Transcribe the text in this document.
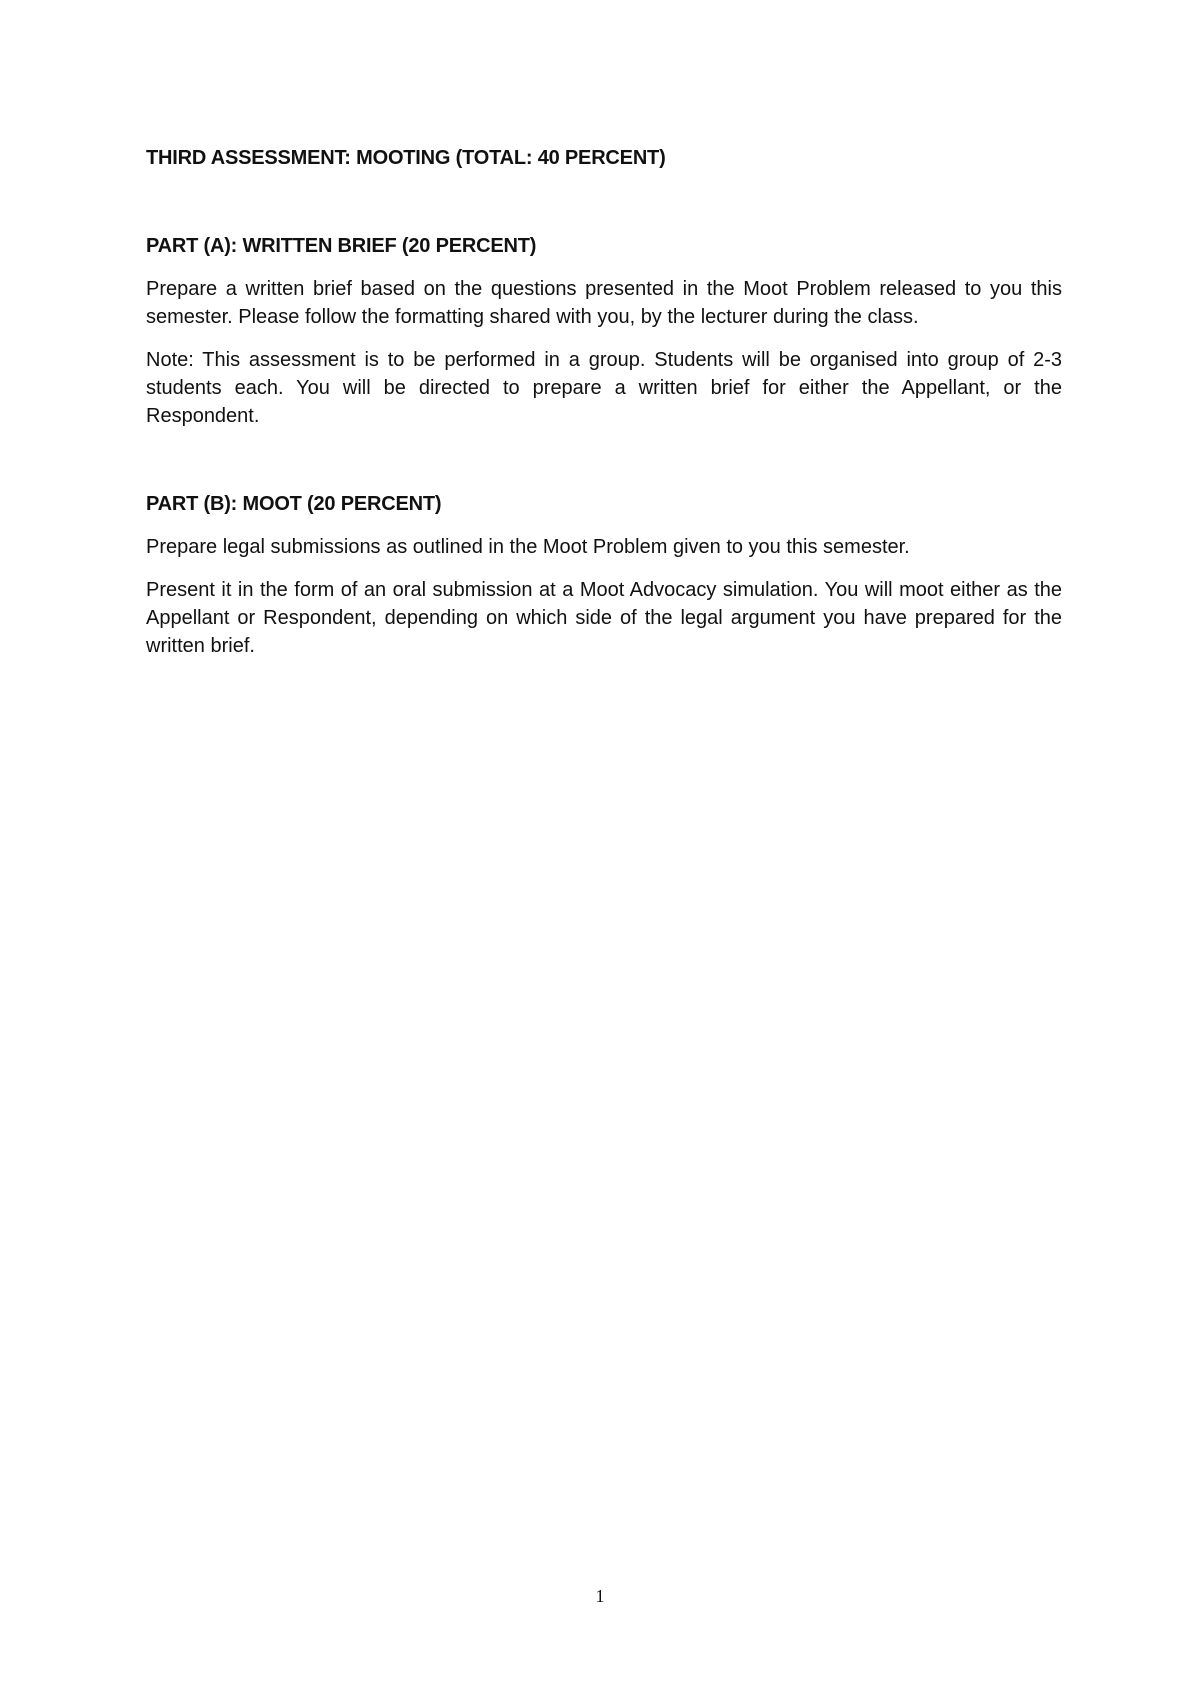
THIRD ASSESSMENT: MOOTING (TOTAL: 40 PERCENT)

PART (A): WRITTEN BRIEF (20 PERCENT)

Prepare a written brief based on the questions presented in the Moot Problem released to you this semester. Please follow the formatting shared with you, by the lecturer during the class.

Note: This assessment is to be performed in a group. Students will be organised into group of 2-3 students each. You will be directed to prepare a written brief for either the Appellant, or the Respondent.

PART (B): MOOT (20 PERCENT)

Prepare legal submissions as outlined in the Moot Problem given to you this semester.

Present it in the form of an oral submission at a Moot Advocacy simulation. You will moot either as the Appellant or Respondent, depending on which side of the legal argument you have prepared for the written brief.

1
